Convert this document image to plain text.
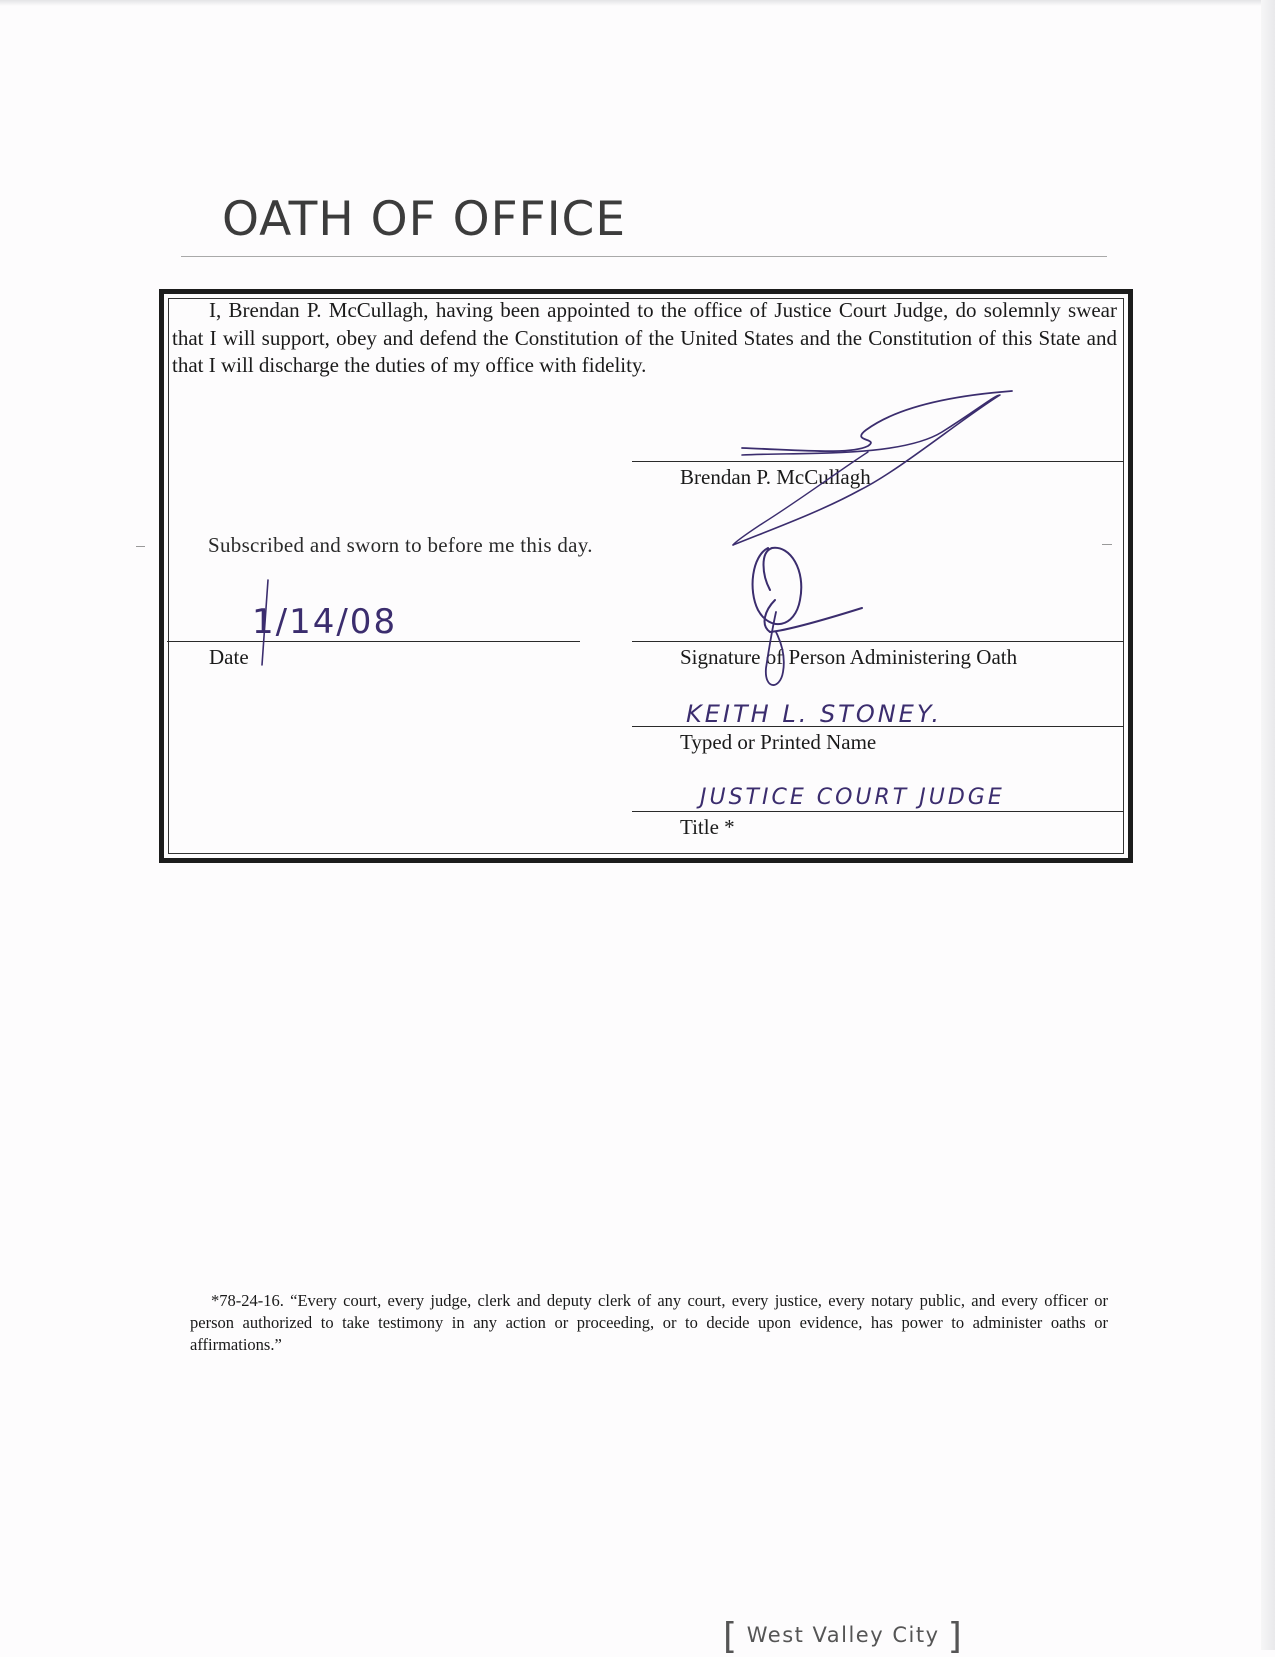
OATH OF OFFICE

I, Brendan P. McCullagh, having been appointed to the office of Justice Court Judge, do solemnly swear that I will support, obey and defend the Constitution of the United States and the Constitution of this State and that I will discharge the duties of my office with fidelity.

Brendan P. McCullagh
Subscribed and sworn to before me this day.
Date	Signature of Person Administering Oath
Typed or Printed Name
Title *
1/14/08
KEITH L. STONEY.
JUSTICE COURT JUDGE

*78-24-16. “Every court, every judge, clerk and deputy clerk of any court, every justice, every notary public, and every officer or person authorized to take testimony in any action or proceeding, or to decide upon evidence, has power to administer oaths or affirmations.”

[ West Valley City ]
